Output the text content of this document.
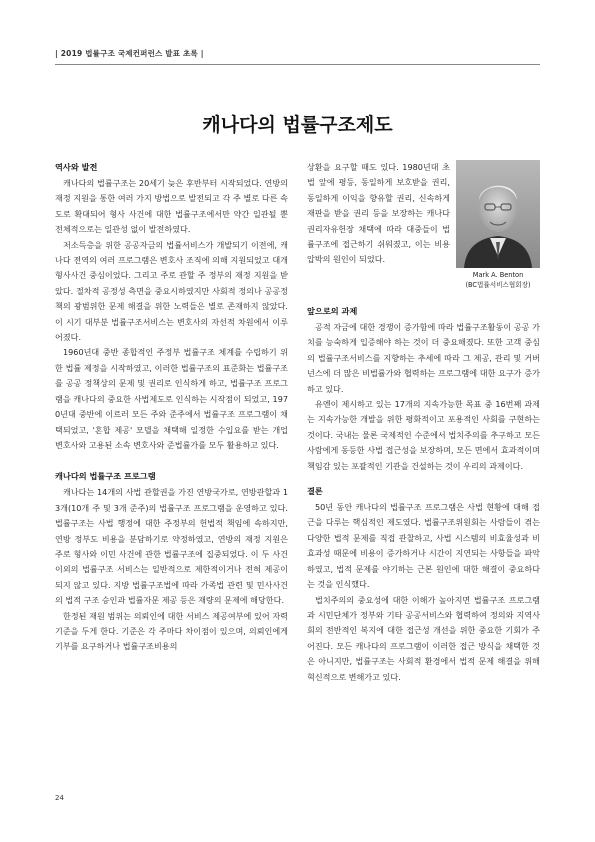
| 2019 법률구조 국제컨퍼런스 발표 초록 |
캐나다의 법률구조제도
역사와 발전

캐나다의 법률구조는 20세기 늦은 후반부터 시작되었다. 연방의 재정 지원을 통한 여러 가지 방법으로 발전되고 각 주 별로 다른 속도로 확대되어 형사 사건에 대한 법률구조에서만 약간 일관될 뿐 전체적으로는 일관성 없이 발전하였다.

저소득층을 위한 공공자금의 법률서비스가 개발되기 이전에, 캐나다 전역의 여러 프로그램은 변호사 조직에 의해 지원되었고 대개 형사사건 중심이었다. 그리고 주로 관할 주 정부의 재정 지원을 받았다. 절차적 공정성 측면을 중요시하였지만 사회적 정의나 공공정책의 광범위한 문제 해결을 위한 노력들은 별로 존재하지 않았다. 이 시기 대부분 법률구조서비스는 변호사의 자선적 차원에서 이루어졌다.

1960년대 중반 종합적인 주정부 법률구조 체계를 수립하기 위한 법률 제정을 시작하였고, 이러한 법률구조의 표준화는 법률구조를 공공 정책상의 문제 및 권리로 인식하게 하고, 법률구조 프로그램을 캐나다의 중요한 사법제도로 인식하는 시작점이 되었고, 1970년대 중반에 이르러 모든 주와 준주에서 법률구조 프로그램이 채택되었고, '혼합 제공' 모델을 채택해 일정한 수입요를 받는 개업 변호사와 고용된 소속 변호사와 준법률가를 모두 활용하고 있다.

캐나다의 법률구조 프로그램

캐나다는 14개의 사법 관할권을 가진 연방국가로, 연방관할과 13개(10개 주 및 3개 준주)의 법률구조 프로그램을 운영하고 있다. 법률구조는 사법 행정에 대한 주정부의 헌법적 책임에 속하지만, 연방 정부도 비용을 분담하기로 약정하였고, 연방의 재정 지원은 주로 형사와 이민 사건에 관한 법률구조에 집중되었다. 이 두 사건 이외의 법률구조 서비스는 일반적으로 제한적이거나 전혀 제공이 되지 않고 있다. 지방 법률구조법에 따라 가족법 관련 및 민사사건의 법적 구조 승인과 법률자문 제공 등은 재량의 문제에 해당한다.

한정된 재원 범위는 의뢰인에 대한 서비스 제공여부에 있어 자력 기준을 두게 한다. 기준은 각 주마다 차이점이 있으며, 의뢰인에게 기부를 요구하거나 법률구조비용의

Mark A. Benton
(BC법률서비스협회장)

상환을 요구할 때도 있다. 1980년대 초 법 앞에 평등, 동일하게 보호받을 권리, 동일하게 이익을 향유할 권리, 신속하게 재판을 받을 권리 등을 보장하는 캐나다 권리자유헌장 채택에 따라 대중들이 법률구조에 접근하기 쉬워졌고, 이는 비용 압박의 원인이 되었다.

앞으로의 과제

공적 자금에 대한 경쟁이 증가함에 따라 법률구조활동이 공공 가치를 능숙하게 입증해야 하는 것이 더 중요해졌다. 또한 고객 중심의 법률구조서비스를 지향하는 추세에 따라 그 제공, 관리 및 거버넌스에 더 많은 비법률가와 협력하는 프로그램에 대한 요구가 증가하고 있다.

유엔이 제시하고 있는 17개의 지속가능한 목표 중 16번째 과제는 지속가능한 개발을 위한 평화적이고 포용적인 사회를 구현하는 것이다. 국내는 물론 국제적인 수준에서 법치주의를 추구하고 모든 사람에게 동등한 사법 접근성을 보장하며, 모든 면에서 효과적이며 책임감 있는 포괄적인 기관을 건설하는 것이 우리의 과제이다.

결론

50년 동안 캐나다의 법률구조 프로그램은 사법 현황에 대해 접근을 다루는 핵심적인 제도였다. 법률구조위원회는 사람들이 겪는 다양한 법적 문제를 직접 관찰하고, 사법 시스템의 비효율성과 비효과성 때문에 비용이 증가하거나 시간이 지연되는 사항들을 파악하였고, 법적 문제를 야기하는 근본 원인에 대한 해결이 중요하다는 것을 인식했다.

법치주의의 중요성에 대한 이해가 높아지면 법률구조 프로그램과 시민단체가 정부와 기타 공공서비스와 협력하여 정의와 지역사회의 전반적인 복지에 대한 접근성 개선을 위한 중요한 기회가 주어진다. 모든 캐나다의 프로그램이 이러한 접근 방식을 채택한 것은 아니지만, 법률구조는 사회적 환경에서 법적 문제 해결을 위해 혁신적으로 변해가고 있다.

24
